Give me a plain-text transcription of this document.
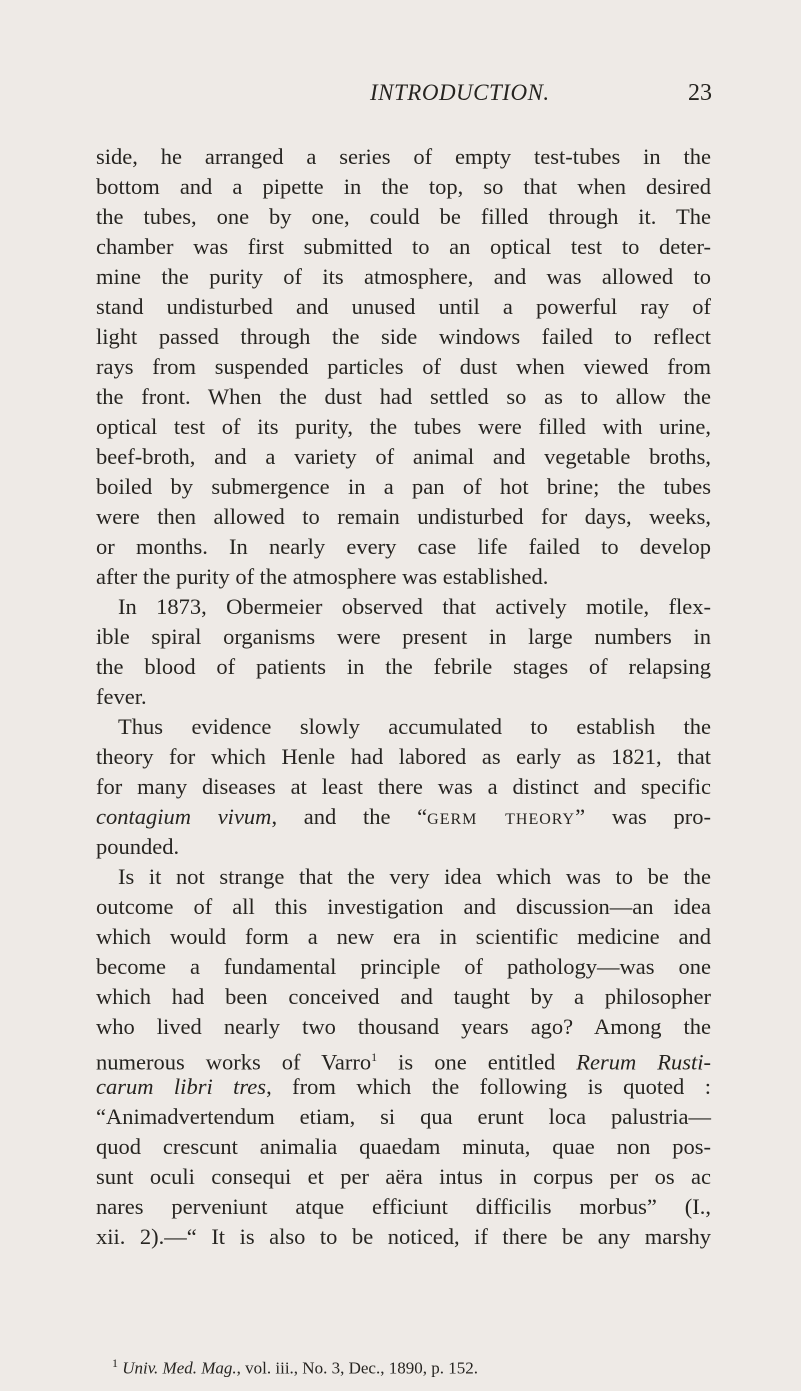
INTRODUCTION.	23
side, he arranged a series of empty test-tubes in the
bottom and a pipette in the top, so that when desired
the tubes, one by one, could be filled through it. The
chamber was first submitted to an optical test to deter-
mine the purity of its atmosphere, and was allowed to
stand undisturbed and unused until a powerful ray of
light passed through the side windows failed to reflect
rays from suspended particles of dust when viewed from
the front. When the dust had settled so as to allow the
optical test of its purity, the tubes were filled with urine,
beef-broth, and a variety of animal and vegetable broths,
boiled by submergence in a pan of hot brine; the tubes
were then allowed to remain undisturbed for days, weeks,
or months. In nearly every case life failed to develop
after the purity of the atmosphere was established.
In 1873, Obermeier observed that actively motile, flex-
ible spiral organisms were present in large numbers in
the blood of patients in the febrile stages of relapsing
fever.
Thus evidence slowly accumulated to establish the
theory for which Henle had labored as early as 1821, that
for many diseases at least there was a distinct and specific
contagium vivum, and the “germ theory” was pro-
pounded.
Is it not strange that the very idea which was to be the
outcome of all this investigation and discussion—an idea
which would form a new era in scientific medicine and
become a fundamental principle of pathology—was one
which had been conceived and taught by a philosopher
who lived nearly two thousand years ago? Among the
numerous works of Varro$^1$ is one entitled Rerum Rusti-
carum libri tres, from which the following is quoted :
“Animadvertendum etiam, si qua erunt loca palustria—
quod crescunt animalia quaedam minuta, quae non pos-
sunt oculi consequi et per aëra intus in corpus per os ac
nares perveniunt atque efficiunt difficilis morbus” (I.,
xii. 2).—“ It is also to be noticed, if there be any marshy
$^1$ Univ. Med. Mag., vol. iii., No. 3, Dec., 1890, p. 152.
